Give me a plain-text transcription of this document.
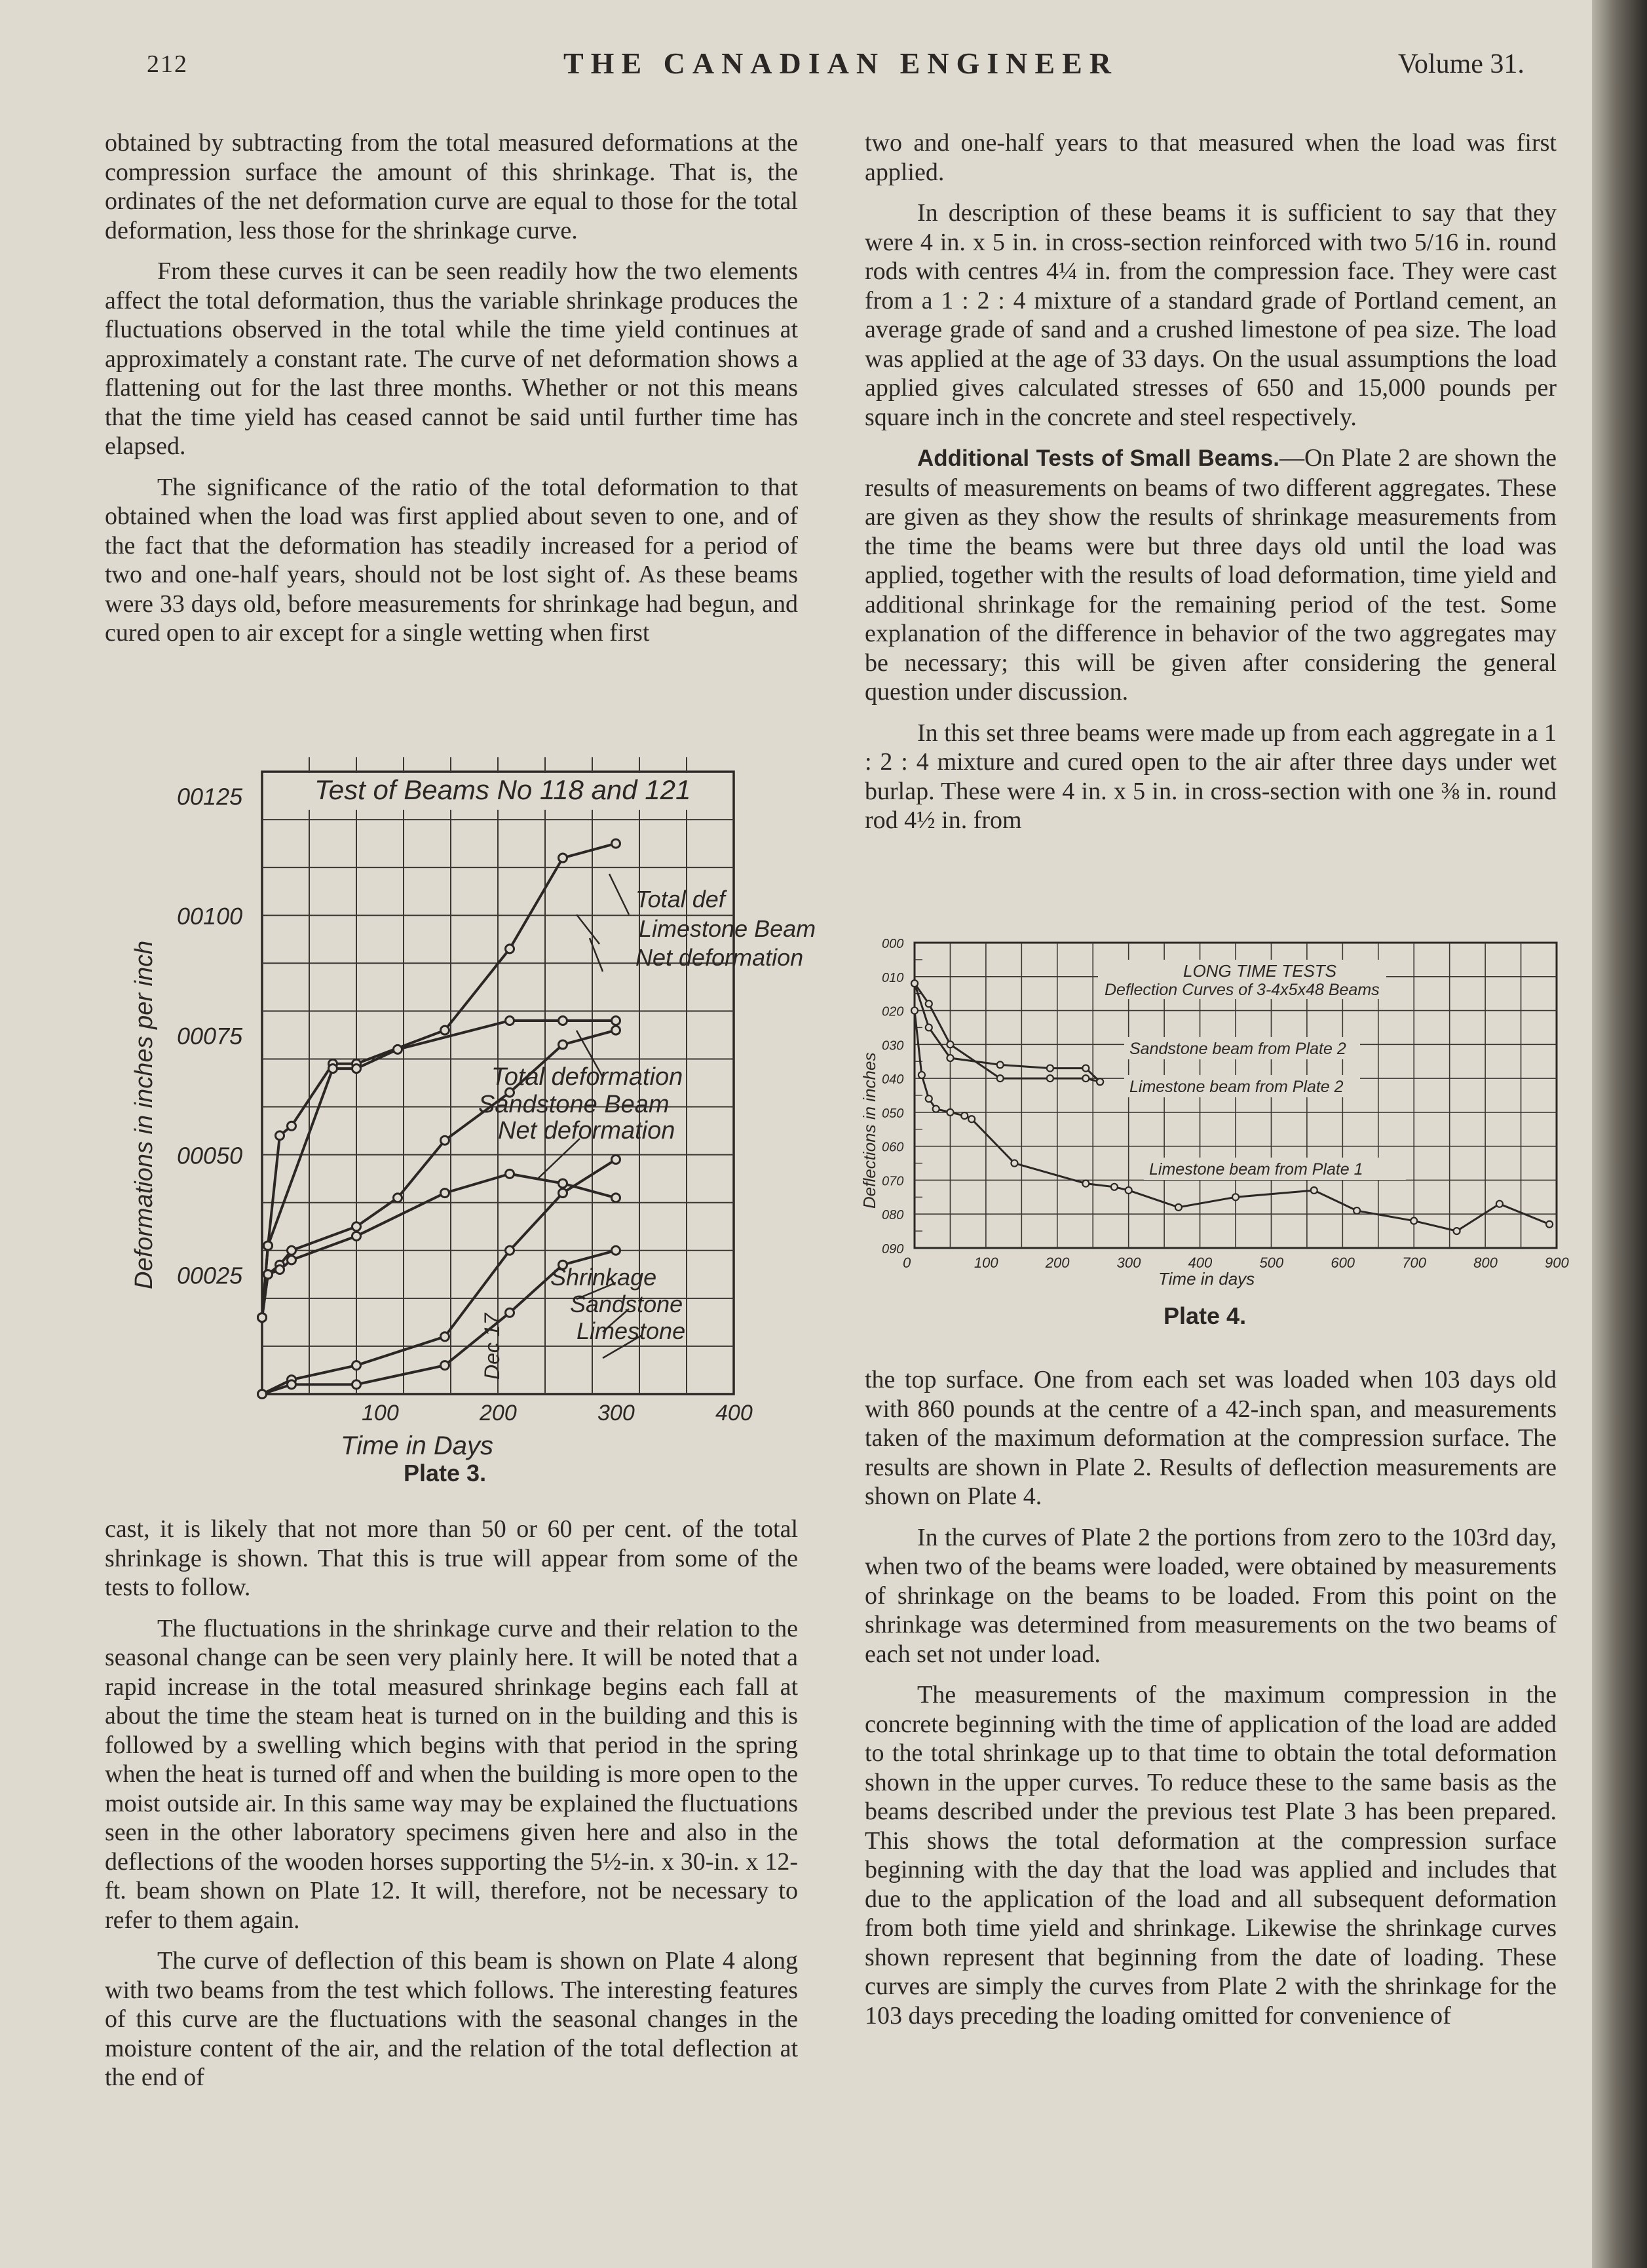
212	THE CANADIAN ENGINEER	Volume 31.

obtained by subtracting from the total measured deformations at the compression surface the amount of this shrinkage. That is, the ordinates of the net deformation curve are equal to those for the total deformation, less those for the shrinkage curve.

From these curves it can be seen readily how the two elements affect the total deformation, thus the variable shrinkage produces the fluctuations observed in the total while the time yield continues at approximately a constant rate. The curve of net deformation shows a flattening out for the last three months. Whether or not this means that the time yield has ceased cannot be said until further time has elapsed.

The significance of the ratio of the total deformation to that obtained when the load was first applied about seven to one, and of the fact that the deformation has steadily increased for a period of two and one-half years, should not be lost sight of. As these beams were 33 days old, before measurements for shrinkage had begun, and cured open to air except for a single wetting when first

Test of Beams No 118 and 121
00025
00050
00075
00100
00125
100	200	300	400
Time in Days
Deformations in inches per inch
Total def
Limestone Beam
Net deformation
Total deformation
Sandstone Beam
Net deformation
Shrinkage
Sandstone
Limestone
Dec 17
Plate 3.

cast, it is likely that not more than 50 or 60 per cent. of the total shrinkage is shown. That this is true will appear from some of the tests to follow.

The fluctuations in the shrinkage curve and their relation to the seasonal change can be seen very plainly here. It will be noted that a rapid increase in the total measured shrinkage begins each fall at about the time the steam heat is turned on in the building and this is followed by a swelling which begins with that period in the spring when the heat is turned off and when the building is more open to the moist outside air. In this same way may be explained the fluctuations seen in the other laboratory specimens given here and also in the deflections of the wooden horses supporting the 5½-in. x 30-in. x 12-ft. beam shown on Plate 12. It will, therefore, not be necessary to refer to them again.

The curve of deflection of this beam is shown on Plate 4 along with two beams from the test which follows. The interesting features of this curve are the fluctuations with the seasonal changes in the moisture content of the air, and the relation of the total deflection at the end of

two and one-half years to that measured when the load was first applied.

In description of these beams it is sufficient to say that they were 4 in. x 5 in. in cross-section reinforced with two 5/16 in. round rods with centres 4¼ in. from the compression face. They were cast from a 1 : 2 : 4 mixture of a standard grade of Portland cement, an average grade of sand and a crushed limestone of pea size. The load was applied at the age of 33 days. On the usual assumptions the load applied gives calculated stresses of 650 and 15,000 pounds per square inch in the concrete and steel respectively.

Additional Tests of Small Beams.—On Plate 2 are shown the results of measurements on beams of two different aggregates. These are given as they show the results of shrinkage measurements from the time the beams were but three days old until the load was applied, together with the results of load deformation, time yield and additional shrinkage for the remaining period of the test. Some explanation of the difference in behavior of the two aggregates may be necessary; this will be given after considering the general question under discussion.

In this set three beams were made up from each aggregate in a 1 : 2 : 4 mixture and cured open to the air after three days under wet burlap. These were 4 in. x 5 in. in cross-section with one ⅜ in. round rod 4½ in. from

LONG TIME TESTS
Deflection Curves of 3-4x5x48 Beams
000
010
020
030
040
050
060
070
080
090
0	100	200	300	400	500	600	700	800	900
Time in days
Deflections in inches
Sandstone beam from Plate 2
Limestone beam from Plate 2
Limestone beam from Plate 1
Plate 4.

the top surface. One from each set was loaded when 103 days old with 860 pounds at the centre of a 42-inch span, and measurements taken of the maximum deformation at the compression surface. The results are shown in Plate 2. Results of deflection measurements are shown on Plate 4.

In the curves of Plate 2 the portions from zero to the 103rd day, when two of the beams were loaded, were obtained by measurements of shrinkage on the beams to be loaded. From this point on the shrinkage was determined from measurements on the two beams of each set not under load.

The measurements of the maximum compression in the concrete beginning with the time of application of the load are added to the total shrinkage up to that time to obtain the total deformation shown in the upper curves. To reduce these to the same basis as the beams described under the previous test Plate 3 has been prepared. This shows the total deformation at the compression surface beginning with the day that the load was applied and includes that due to the application of the load and all subsequent deformation from both time yield and shrinkage. Likewise the shrinkage curves shown represent that beginning from the date of loading. These curves are simply the curves from Plate 2 with the shrinkage for the 103 days preceding the loading omitted for convenience of
